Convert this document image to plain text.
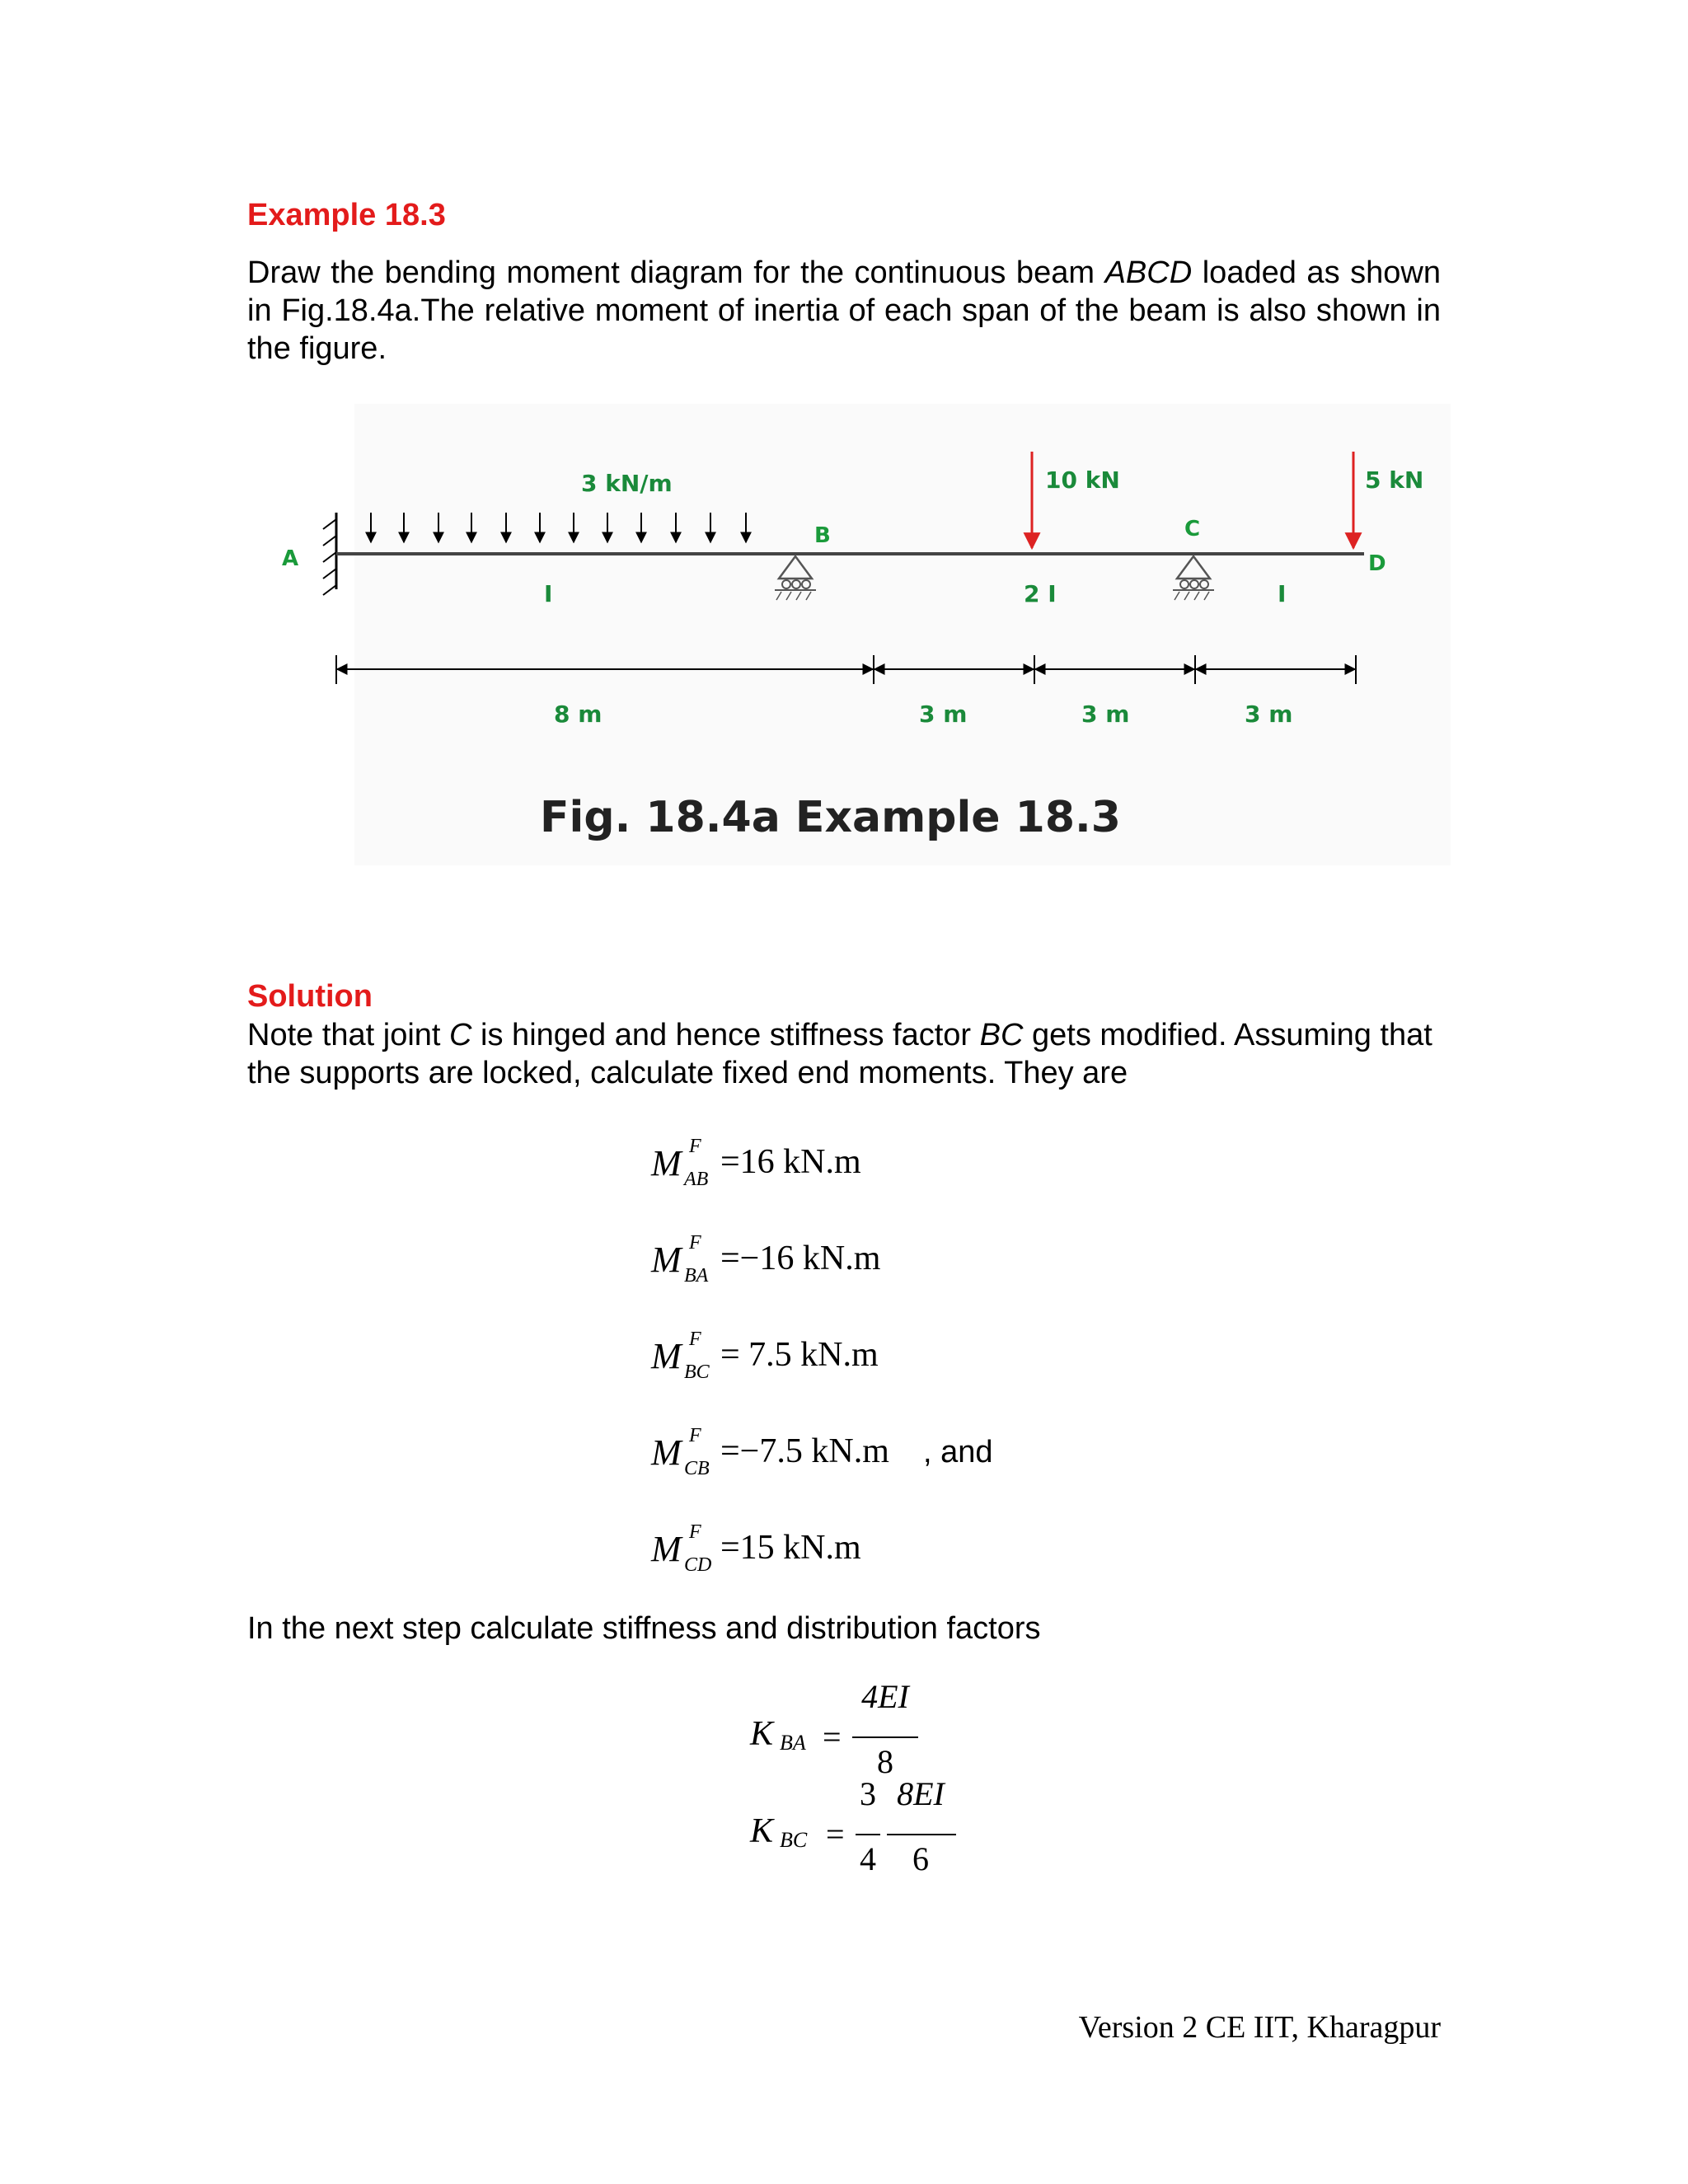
Example 18.3
Draw the bending moment diagram for the continuous beam ABCD loaded as shown in Fig.18.4a.The relative moment of inertia of each span of the beam is also shown in the figure.
A
3 kN/m
B
10 kN
C
5 kN
D
I	2 I	I
8 m	3 m	3 m	3 m
Fig. 18.4a Example 18.3
Solution
Note that joint C is hinged and hence stiffness factor BC gets modified. Assuming that the supports are locked, calculate fixed end moments. They are
M F
AB =16 kN.m
M F
BA =−16 kN.m
M F
BC = 7.5 kN.m
M F
CB =−7.5 kN.m , and
M F
CD =15 kN.m
In the next step calculate stiffness and distribution factors
K BA =
4EI
8
K BC =
3
4
8EI
6
Version 2 CE IIT, Kharagpur
